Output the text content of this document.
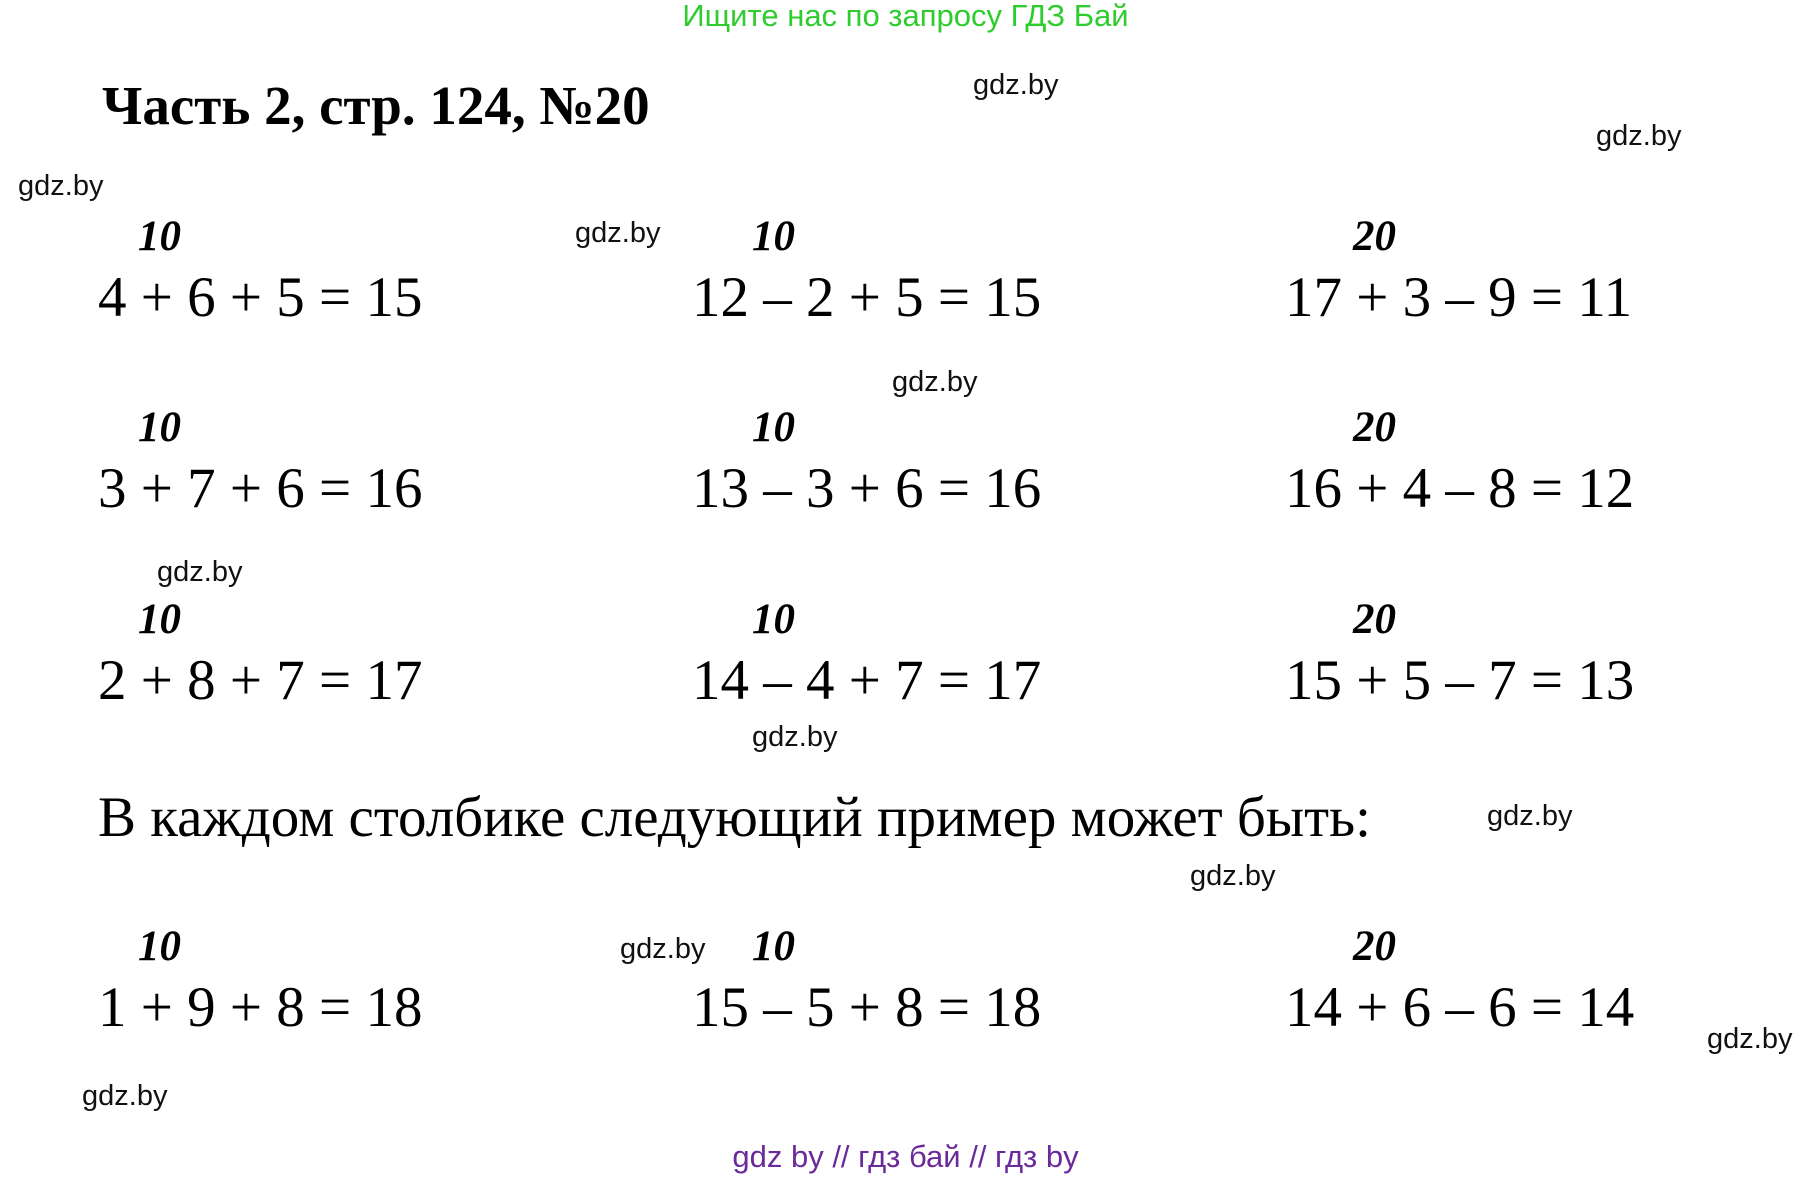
Ищите нас по запросу ГДЗ Бай
Часть 2, стр. 124, №20	gdz.by
gdz.by
gdz.by
gdz.by
gdz.by
gdz.by
gdz.by
gdz.by
gdz.by
gdz.by
gdz.by
gdz.by
10
4 + 6 + 5 = 15
10
12 – 2 + 5 = 15
20
17 + 3 – 9 = 11
10
3 + 7 + 6 = 16
10
13 – 3 + 6 = 16
20
16 + 4 – 8 = 12
10
2 + 8 + 7 = 17
10
14 – 4 + 7 = 17
20
15 + 5 – 7 = 13
В каждом столбике следующий пример может быть:
10
1 + 9 + 8 = 18
10
15 – 5 + 8 = 18
20
14 + 6 – 6 = 14
gdz by // гдз бай // гдз by
